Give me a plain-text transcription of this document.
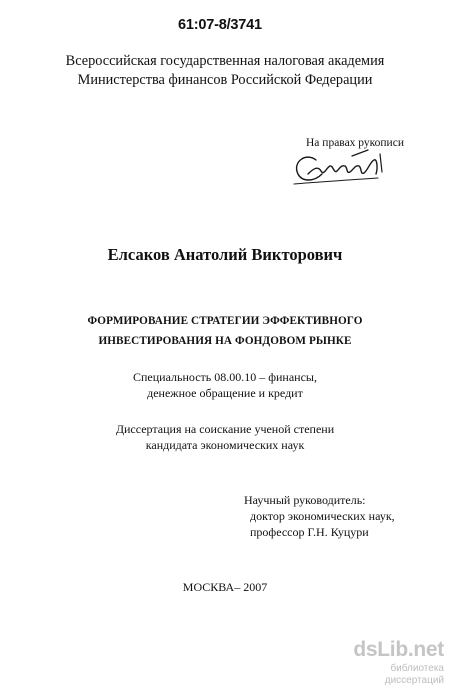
61:07-8/3741
Всероссийская государственная налоговая академия
Министерства финансов Российской Федерации
На правах рукописи
Елсаков Анатолий Викторович
ФОРМИРОВАНИЕ СТРАТЕГИИ ЭФФЕКТИВНОГО
ИНВЕСТИРОВАНИЯ НА ФОНДОВОМ РЫНКЕ
Специальность 08.00.10 – финансы,
денежное обращение и кредит
Диссертация на соискание ученой степени
кандидата экономических наук
Научный руководитель:
доктор экономических наук,
профессор Г.Н. Куцури
МОСКВА– 2007
dsLib.net
библиотека диссертаций
